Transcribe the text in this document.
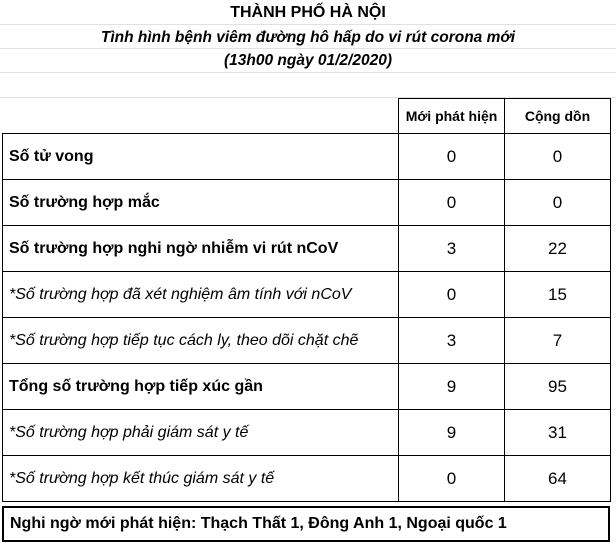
THÀNH PHỐ HÀ NỘI
Tình hình bệnh viêm đường hô hấp do vi rút corona mới
(13h00 ngày 01/2/2020)
	Mới phát hiện	Cộng dồn
Số tử vong	0	0
Số trường hợp mắc	0	0
Số trường hợp nghi ngờ nhiễm vi rút nCoV	3	22
*Số trường hợp đã xét nghiệm âm tính với nCoV	0	15
*Số trường hợp tiếp tục cách ly, theo dõi chặt chẽ	3	7
Tổng số trường hợp tiếp xúc gần	9	95
*Số trường hợp phải giám sát y tế	9	31
*Số trường hợp kết thúc giám sát y tế	0	64
Nghi ngờ mới phát hiện: Thạch Thất 1, Đông Anh 1, Ngoại quốc 1
